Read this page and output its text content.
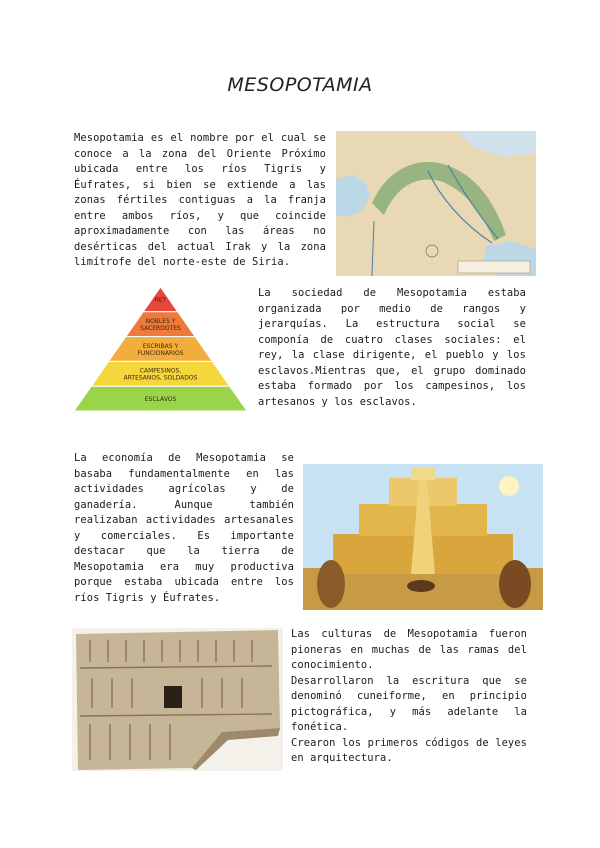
MESOPOTAMIA
Mesopotamia es el nombre por el cual se conoce a la zona del Oriente Próximo ubicada entre los ríos Tigris y Éufrates, si bien se extiende a las zonas fértiles contiguas a la franja entre ambos ríos, y que coincide aproximadamente con las áreas no desérticas del actual Irak y la zona limítrofe del norte-este de Siria.
REY
NOBLES Y
SACERDOTES
ESCRIBAS Y
FUNCIONARIOS
CAMPESINOS,
ARTESANOS, SOLDADOS
ESCLAVOS
La sociedad de Mesopotamia estaba organizada por medio de rangos y jerarquías. La estructura social se componía de cuatro clases sociales: el rey, la clase dirigente, el pueblo y los esclavos.Mientras que, el grupo dominado estaba formado por los campesinos, los artesanos y los esclavos.
La economía de Mesopotamia se basaba fundamentalmente en las actividades agrícolas y de ganadería. Aunque también realizaban actividades artesanales y comerciales. Es importante destacar que la tierra de Mesopotamia era muy productiva porque estaba ubicada entre los ríos Tigris y Éufrates.

Las culturas de Mesopotamia fueron pioneras en muchas de las ramas del conocimiento.

Desarrollaron la escritura que se denominó cuneiforme, en principio pictográfica, y más adelante la fonética.

Crearon los primeros códigos de leyes en arquitectura.
